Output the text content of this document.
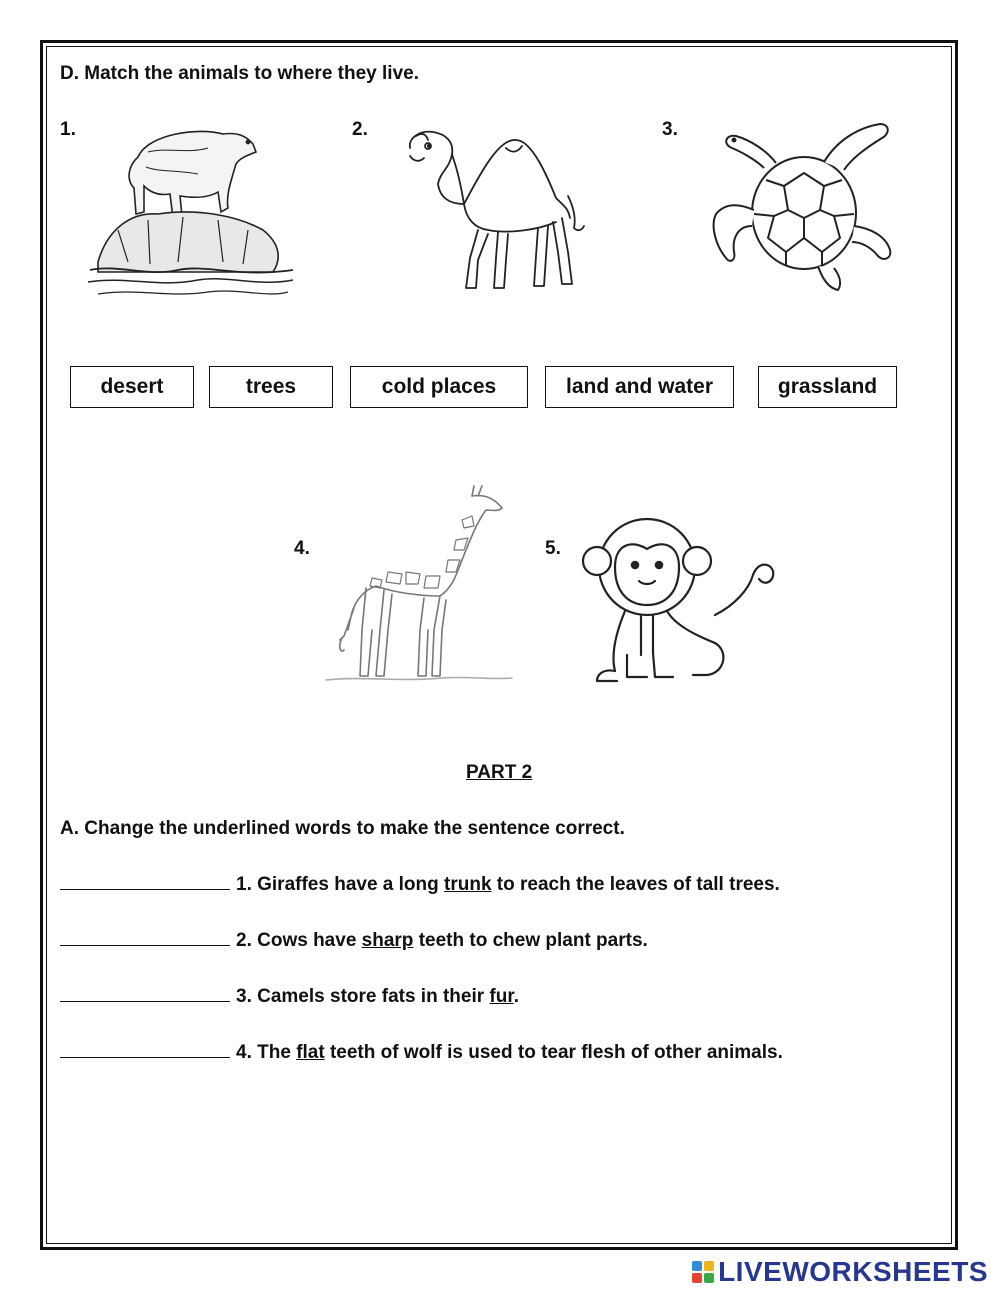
D. Match the animals to where they live.
1.	2.	3.
4.	5.
desert	trees	cold places	land and water	grassland
PART 2
A. Change the underlined words to make the sentence correct.
1. Giraffes have a long trunk to reach the leaves of tall trees.
2. Cows have sharp teeth to chew plant parts.
3. Camels store fats in their fur.
4. The flat teeth of wolf is used to tear flesh of other animals.
LIVEWORKSHEETS
